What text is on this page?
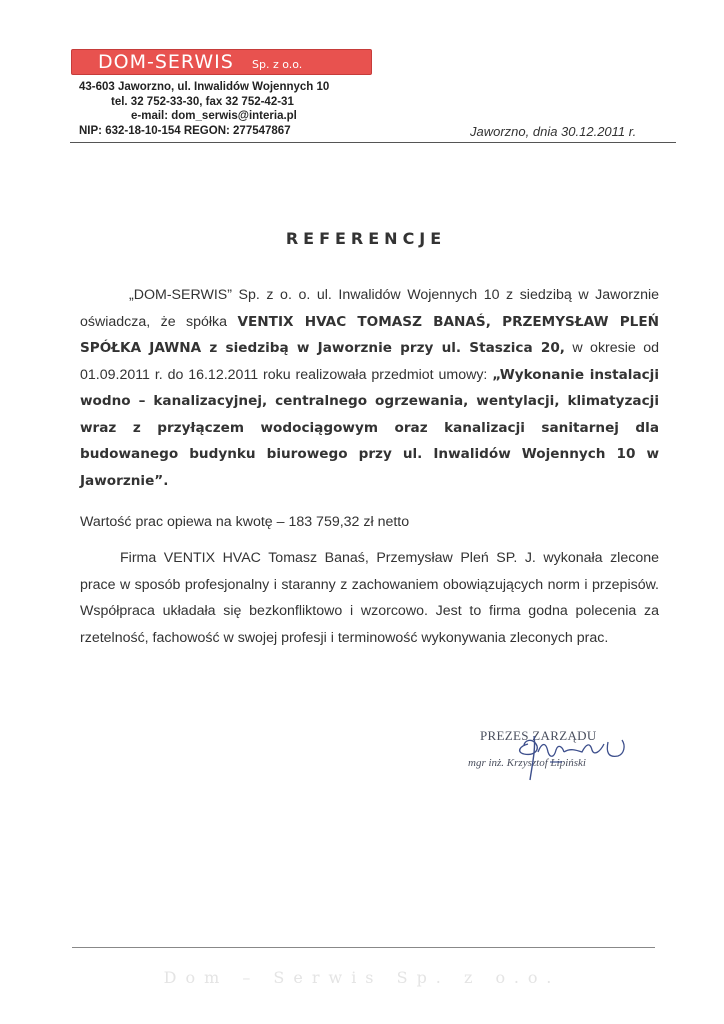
DOM-SERWIS Sp. z o.o.
43-603 Jaworzno, ul. Inwalidów Wojennych 10
tel. 32 752-33-30, fax 32 752-42-31
e-mail: dom_serwis@interia.pl
NIP: 632-18-10-154 REGON: 277547867	Jaworzno, dnia 30.12.2011 r.
REFERENCJE
„DOM-SERWIS” Sp. z o. o. ul. Inwalidów Wojennych 10 z siedzibą w Jaworznie oświadcza, że spółka VENTIX HVAC TOMASZ BANAŚ, PRZEMYSŁAW PLEŃ SPÓŁKA JAWNA z siedzibą w Jaworznie przy ul. Staszica 20, w okresie od 01.09.2011 r. do 16.12.2011 roku realizowała przedmiot umowy: „Wykonanie instalacji wodno – kanalizacyjnej, centralnego ogrzewania, wentylacji, klimatyzacji wraz z przyłączem wodociągowym oraz kanalizacji sanitarnej dla budowanego budynku biurowego przy ul. Inwalidów Wojennych 10 w Jaworznie”.
Wartość prac opiewa na kwotę – 183 759,32 zł netto
Firma VENTIX HVAC Tomasz Banaś, Przemysław Pleń SP. J. wykonała zlecone prace w sposób profesjonalny i staranny z zachowaniem obowiązujących norm i przepisów. Współpraca układała się bezkonfliktowo i wzorcowo. Jest to firma godna polecenia za rzetelność, fachowość w swojej profesji i terminowość wykonywania zleconych prac.
PREZES ZARZĄDU
mgr inż. Krzysztof Lipiński
Dom – Serwis Sp. z o.o.
